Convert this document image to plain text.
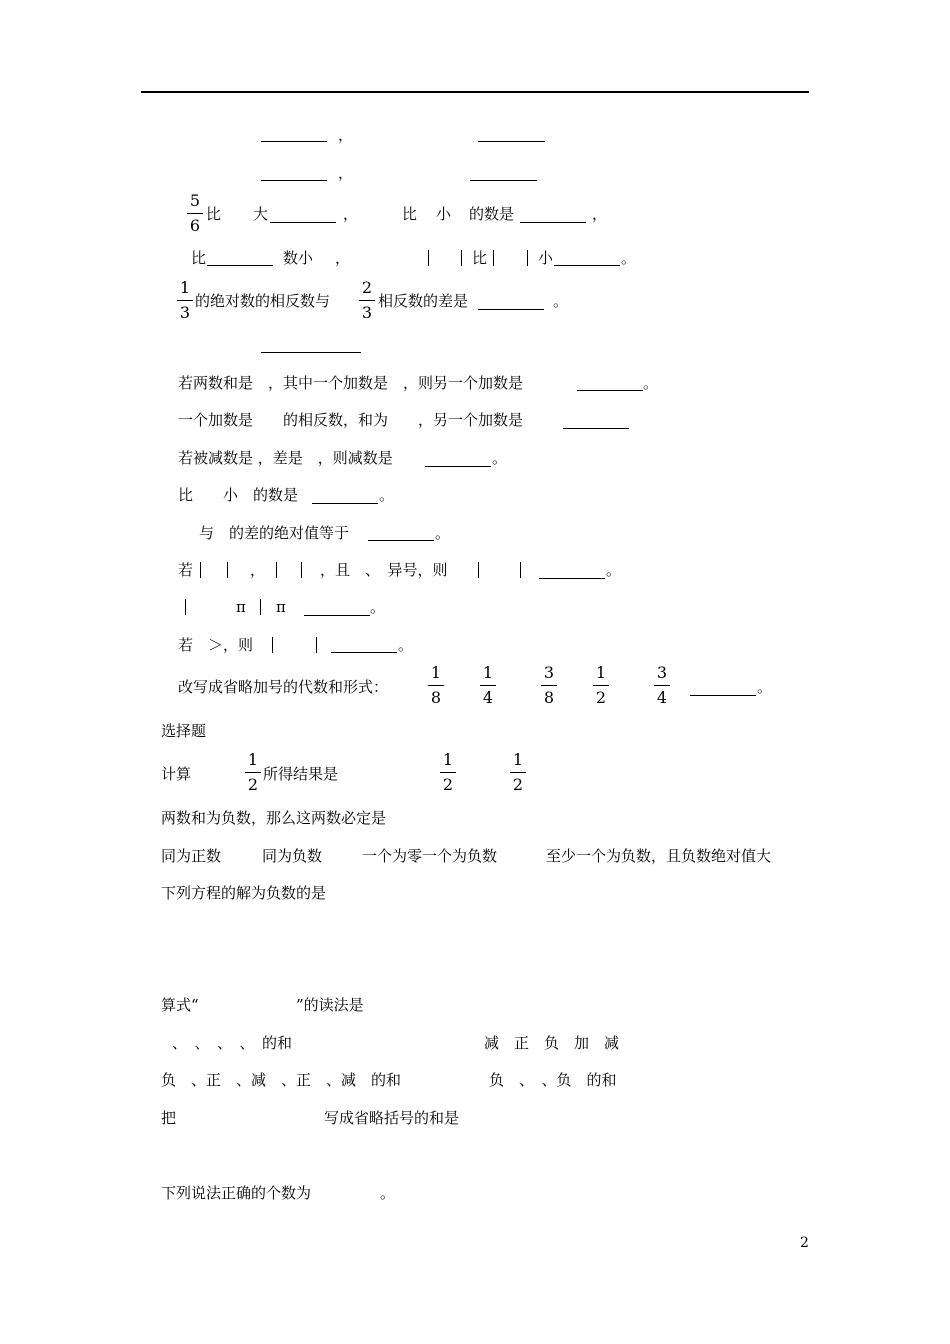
，
，
5
6
比 大	，	比 小 的数是	，
比	数小 ，	比	小	。
1
3
的绝对数的相反数与
2
3
相反数的差是	。
若两数和是　，其中一个加数是　，则另一个加数是	。
一个加数是　　的相反数，和为　　，另一个加数是
若被减数是 ，差是　，则减数是	。
比　　小　的数是	。
与　的差的绝对值等于	。
若	，	，且　、　异号，则	。
π π	。
若　＞，则	。
改写成省略加号的代数和形式：
1
8
1
4
3
8
1
2
3
4
。
选择题
计算
1
2
所得结果是
1
2
1
2
两数和为负数，那么这两数必定是
同为正数	同为负数	一个为零一个为负数	至少一个为负数，且负数绝对值大
下列方程的解为负数的是
算式“	”的读法是
、　、　、　、　的和	减　正　负　加　减
负　、正　、减　、正　、减　的和	负　、　、负　的和
把	写成省略括号的和是
下列说法正确的个数为	。
2
